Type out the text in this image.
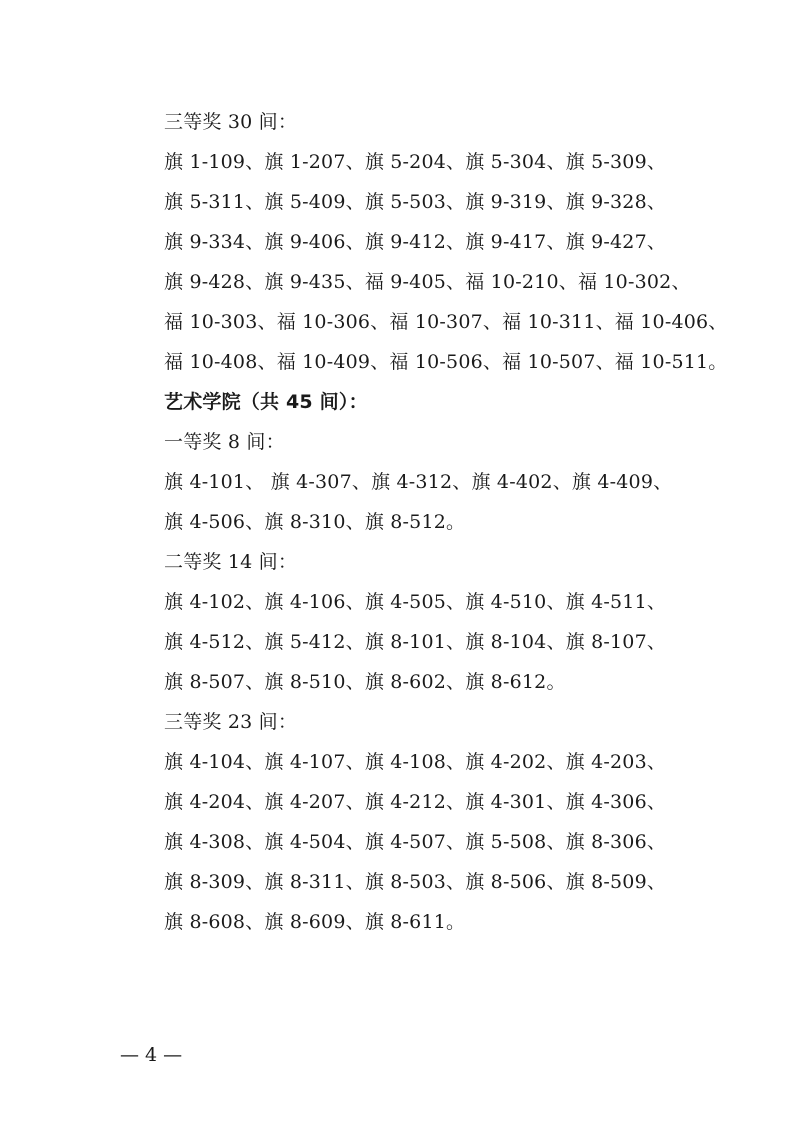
三等奖 30 间：
旗 1-109、旗 1-207、旗 5-204、旗 5-304、旗 5-309、
旗 5-311、旗 5-409、旗 5-503、旗 9-319、旗 9-328、
旗 9-334、旗 9-406、旗 9-412、旗 9-417、旗 9-427、
旗 9-428、旗 9-435、福 9-405、福 10-210、福 10-302、
福 10-303、福 10-306、福 10-307、福 10-311、福 10-406、
福 10-408、福 10-409、福 10-506、福 10-507、福 10-511。
艺术学院（共 45 间）：
一等奖 8 间：
旗 4-101、 旗 4-307、旗 4-312、旗 4-402、旗 4-409、
旗 4-506、旗 8-310、旗 8-512。
二等奖 14 间：
旗 4-102、旗 4-106、旗 4-505、旗 4-510、旗 4-511、
旗 4-512、旗 5-412、旗 8-101、旗 8-104、旗 8-107、
旗 8-507、旗 8-510、旗 8-602、旗 8-612。
三等奖 23 间：
旗 4-104、旗 4-107、旗 4-108、旗 4-202、旗 4-203、
旗 4-204、旗 4-207、旗 4-212、旗 4-301、旗 4-306、
旗 4-308、旗 4-504、旗 4-507、旗 5-508、旗 8-306、
旗 8-309、旗 8-311、旗 8-503、旗 8-506、旗 8-509、
旗 8-608、旗 8-609、旗 8-611。
— 4 —
